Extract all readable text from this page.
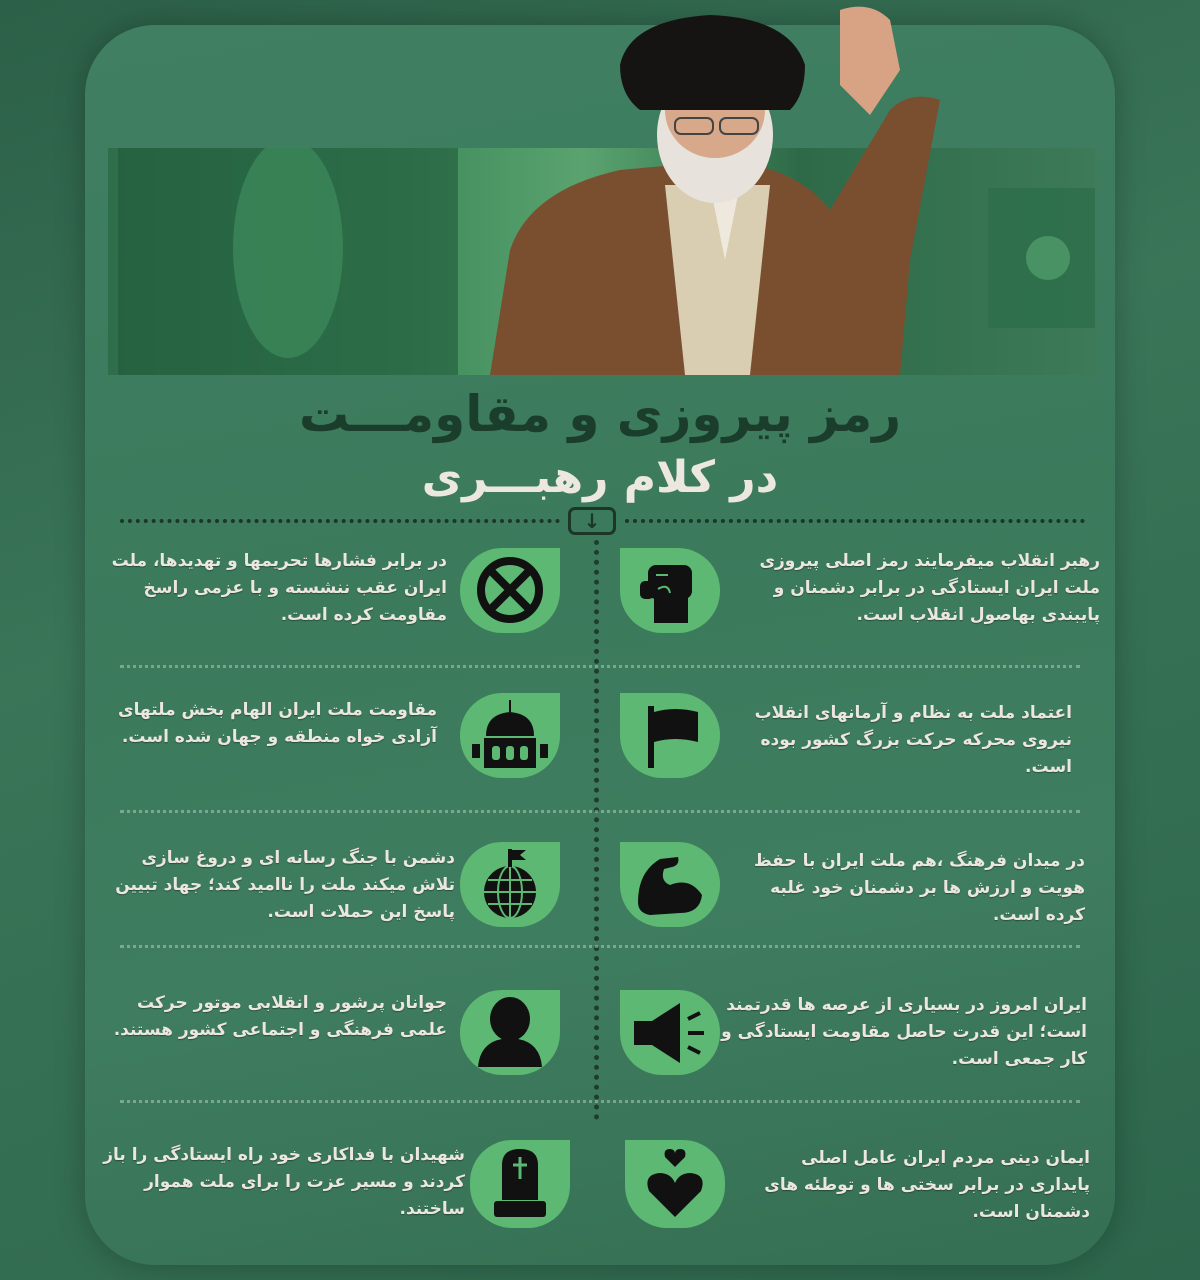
رمز پیروزی و مقاومـــت
در کلام رهبـــری
↓
رهبر انقلاب میفرمایند رمز اصلی پیروزی ملت ایران ایستادگی در برابر دشمنان و پایبندی بهاصول انقلاب است.
در برابر فشارها تحریمها و تهدیدها، ملت ایران عقب ننشسته و با عزمی راسخ مقاومت کرده است.
اعتماد ملت به نظام و آرمانهای انقلاب نیروی محرکه حرکت بزرگ کشور بوده است.
مقاومت ملت ایران الهام بخش ملتهای آزادی خواه منطقه و جهان شده است.
در میدان فرهنگ ،هم ملت ایران با حفظ هویت و ارزش ها بر دشمنان خود غلبه کرده است.
دشمن با جنگ رسانه ای و دروغ سازی تلاش میکند ملت را ناامید کند؛ جهاد تبیین پاسخ این حملات است.
ایران امروز در بسیاری از عرصه ها قدرتمند است؛ این قدرت حاصل مقاومت ایستادگی و کار جمعی است.
جوانان پرشور و انقلابی موتور حرکت علمی فرهنگی و اجتماعی کشور هستند.
ایمان دینی مردم ایران عامل اصلی پایداری در برابر سختی ها و توطئه های دشمنان است.
شهیدان با فداکاری خود راه ایستادگی را باز کردند و مسیر عزت را برای ملت هموار ساختند.
